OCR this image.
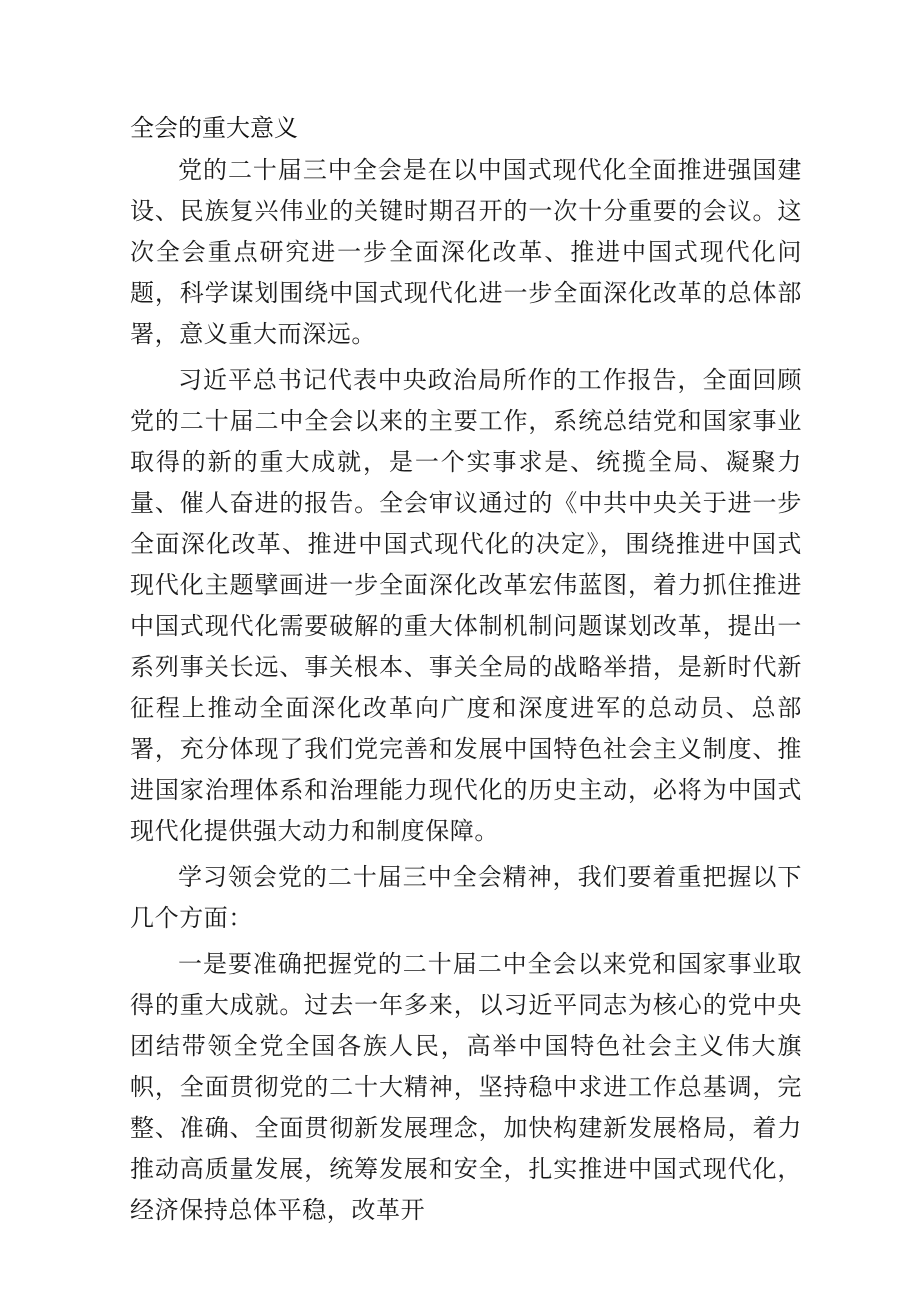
全会的重大意义

党的二十届三中全会是在以中国式现代化全面推进强国建设、民族复兴伟业的关键时期召开的一次十分重要的会议。这次全会重点研究进一步全面深化改革、推进中国式现代化问题，科学谋划围绕中国式现代化进一步全面深化改革的总体部署，意义重大而深远。

习近平总书记代表中央政治局所作的工作报告，全面回顾党的二十届二中全会以来的主要工作，系统总结党和国家事业取得的新的重大成就，是一个实事求是、统揽全局、凝聚力量、催人奋进的报告。全会审议通过的《中共中央关于进一步全面深化改革、推进中国式现代化的决定》，围绕推进中国式现代化主题擘画进一步全面深化改革宏伟蓝图，着力抓住推进中国式现代化需要破解的重大体制机制问题谋划改革，提出一系列事关长远、事关根本、事关全局的战略举措，是新时代新征程上推动全面深化改革向广度和深度进军的总动员、总部署，充分体现了我们党完善和发展中国特色社会主义制度、推进国家治理体系和治理能力现代化的历史主动，必将为中国式现代化提供强大动力和制度保障。

学习领会党的二十届三中全会精神，我们要着重把握以下几个方面：

一是要准确把握党的二十届二中全会以来党和国家事业取得的重大成就。过去一年多来，以习近平同志为核心的党中央团结带领全党全国各族人民，高举中国特色社会主义伟大旗帜，全面贯彻党的二十大精神，坚持稳中求进工作总基调，完整、准确、全面贯彻新发展理念，加快构建新发展格局，着力推动高质量发展，统筹发展和安全，扎实推进中国式现代化，经济保持总体平稳，改革开
